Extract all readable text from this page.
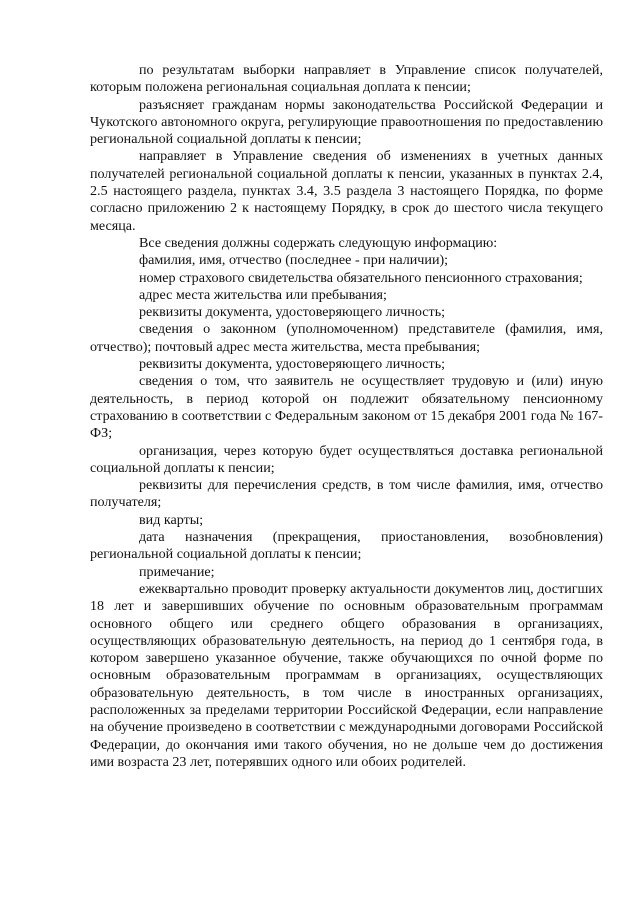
по результатам выборки направляет в Управление список получателей, которым положена региональная социальная доплата к пенсии;

разъясняет гражданам нормы законодательства Российской Федерации и Чукотского автономного округа, регулирующие правоотношения по предоставлению региональной социальной доплаты к пенсии;

направляет в Управление сведения об изменениях в учетных данных получателей региональной социальной доплаты к пенсии, указанных в пунктах 2.4, 2.5 настоящего раздела, пунктах 3.4, 3.5 раздела 3 настоящего Порядка, по форме согласно приложению 2 к настоящему Порядку, в срок до шестого числа текущего месяца.

Все сведения должны содержать следующую информацию:

фамилия, имя, отчество (последнее - при наличии);

номер страхового свидетельства обязательного пенсионного страхования;

адрес места жительства или пребывания;

реквизиты документа, удостоверяющего личность;

сведения о законном (уполномоченном) представителе (фамилия, имя, отчество); почтовый адрес места жительства, места пребывания;

реквизиты документа, удостоверяющего личность;

сведения о том, что заявитель не осуществляет трудовую и (или) иную деятельность, в период которой он подлежит обязательному пенсионному страхованию в соответствии с Федеральным законом от 15 декабря 2001 года № 167-ФЗ;

организация, через которую будет осуществляться доставка региональной социальной доплаты к пенсии;

реквизиты для перечисления средств, в том числе фамилия, имя, отчество получателя;

вид карты;

дата назначения (прекращения, приостановления, возобновления) региональной социальной доплаты к пенсии;

примечание;

ежеквартально проводит проверку актуальности документов лиц, достигших 18 лет и завершивших обучение по основным образовательным программам основного общего или среднего общего образования в организациях, осуществляющих образовательную деятельность, на период до 1 сентября года, в котором завершено указанное обучение, также обучающихся по очной форме по основным образовательным программам в организациях, осуществляющих образовательную деятельность, в том числе в иностранных организациях, расположенных за пределами территории Российской Федерации, если направление на обучение произведено в соответствии с международными договорами Российской Федерации, до окончания ими такого обучения, но не дольше чем до достижения ими возраста 23 лет, потерявших одного или обоих родителей.
